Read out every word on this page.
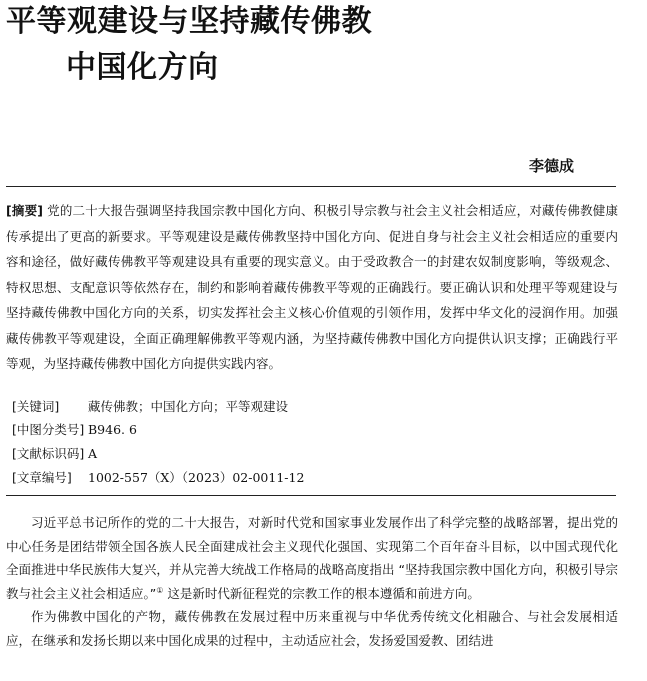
平等观建设与坚持藏传佛教
中国化方向
李德成
[摘要] 党的二十大报告强调坚持我国宗教中国化方向、积极引导宗教与社会主义社会相适应，对藏传佛教健康传承提出了更高的新要求。平等观建设是藏传佛教坚持中国化方向、促进自身与社会主义社会相适应的重要内容和途径，做好藏传佛教平等观建设具有重要的现实意义。由于受政教合一的封建农奴制度影响，等级观念、特权思想、支配意识等依然存在，制约和影响着藏传佛教平等观的正确践行。要正确认识和处理平等观建设与坚持藏传佛教中国化方向的关系，切实发挥社会主义核心价值观的引领作用，发挥中华文化的浸润作用。加强藏传佛教平等观建设，全面正确理解佛教平等观内涵，为坚持藏传佛教中国化方向提供认识支撑；正确践行平等观，为坚持藏传佛教中国化方向提供实践内容。
[关键词] 藏传佛教；中国化方向；平等观建设
[中图分类号] B946. 6
[文献标识码] A
[文章编号] 1002-557（X）（2023）02-0011-12

习近平总书记所作的党的二十大报告，对新时代党和国家事业发展作出了科学完整的战略部署，提出党的中心任务是团结带领全国各族人民全面建成社会主义现代化强国、实现第二个百年奋斗目标，以中国式现代化全面推进中华民族伟大复兴，并从完善大统战工作格局的战略高度指出 “坚持我国宗教中国化方向，积极引导宗教与社会主义社会相适应。”① 这是新时代新征程党的宗教工作的根本遵循和前进方向。

作为佛教中国化的产物，藏传佛教在发展过程中历来重视与中华优秀传统文化相融合、与社会发展相适应，在继承和发扬长期以来中国化成果的过程中，主动适应社会，发扬爱国爱教、团结进
